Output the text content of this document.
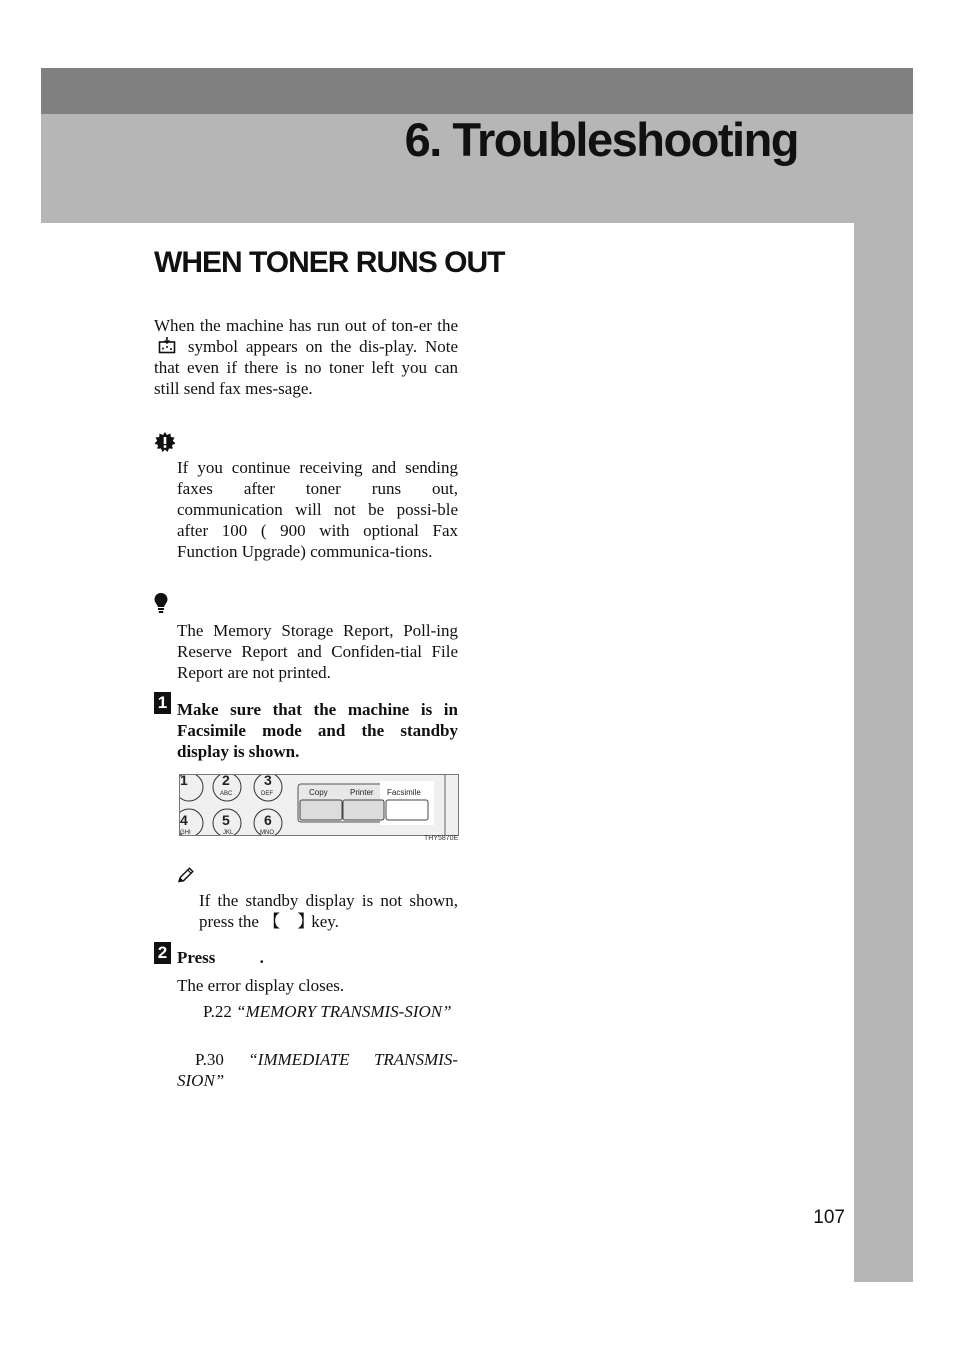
6. Troubleshooting
WHEN TONER RUNS OUT

When the machine has run out of ton-er the  symbol appears on the dis-play. Note that even if there is no toner left you can still send fax mes-sage.

If you continue receiving and sending faxes after toner runs out, communication will not be possi-ble after 100 ( 900 with optional Fax Function Upgrade) communica-tions.

The Memory Storage Report, Poll-ing Reserve Report and Confiden-tial File Report are not printed.

1 Make sure that the machine is in Facsimile mode and the standby display is shown.

1 2
ABC
3
DEF
4
GHI
5
JKL
6
MNO
Copy	Printer Facsimile
THY5870E

If the standby display is not shown, press the 【 】key.

2 Press	.

The error display closes.

P.22 “MEMORY TRANSMIS-SION”

P.30 “IMMEDIATE TRANSMIS-SION”

107
